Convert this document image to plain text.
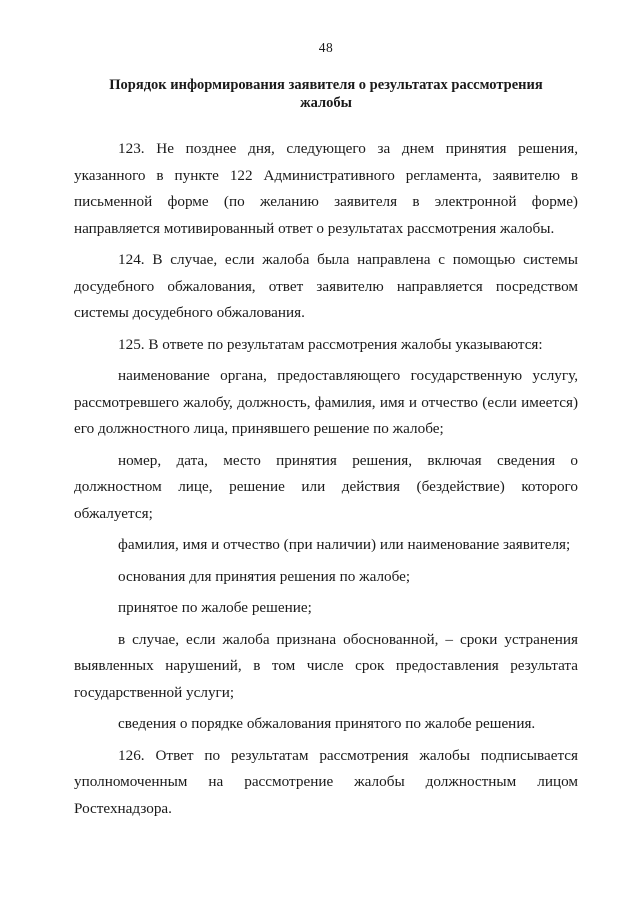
48
Порядок информирования заявителя о результатах рассмотрения жалобы

123. Не позднее дня, следующего за днем принятия решения, указанного в пункте 122 Административного регламента, заявителю в письменной форме (по желанию заявителя в электронной форме) направляется мотивированный ответ о результатах рассмотрения жалобы.

124. В случае, если жалоба была направлена с помощью системы досудебного обжалования, ответ заявителю направляется посредством системы досудебного обжалования.

125. В ответе по результатам рассмотрения жалобы указываются:

наименование органа, предоставляющего государственную услугу, рассмотревшего жалобу, должность, фамилия, имя и отчество (если имеется) его должностного лица, принявшего решение по жалобе;

номер, дата, место принятия решения, включая сведения о должностном лице, решение или действия (бездействие) которого обжалуется;

фамилия, имя и отчество (при наличии) или наименование заявителя;

основания для принятия решения по жалобе;

принятое по жалобе решение;

в случае, если жалоба признана обоснованной, – сроки устранения выявленных нарушений, в том числе срок предоставления результата государственной услуги;

сведения о порядке обжалования принятого по жалобе решения.

126. Ответ по результатам рассмотрения жалобы подписывается уполномоченным на рассмотрение жалобы должностным лицом Ростехнадзора.
